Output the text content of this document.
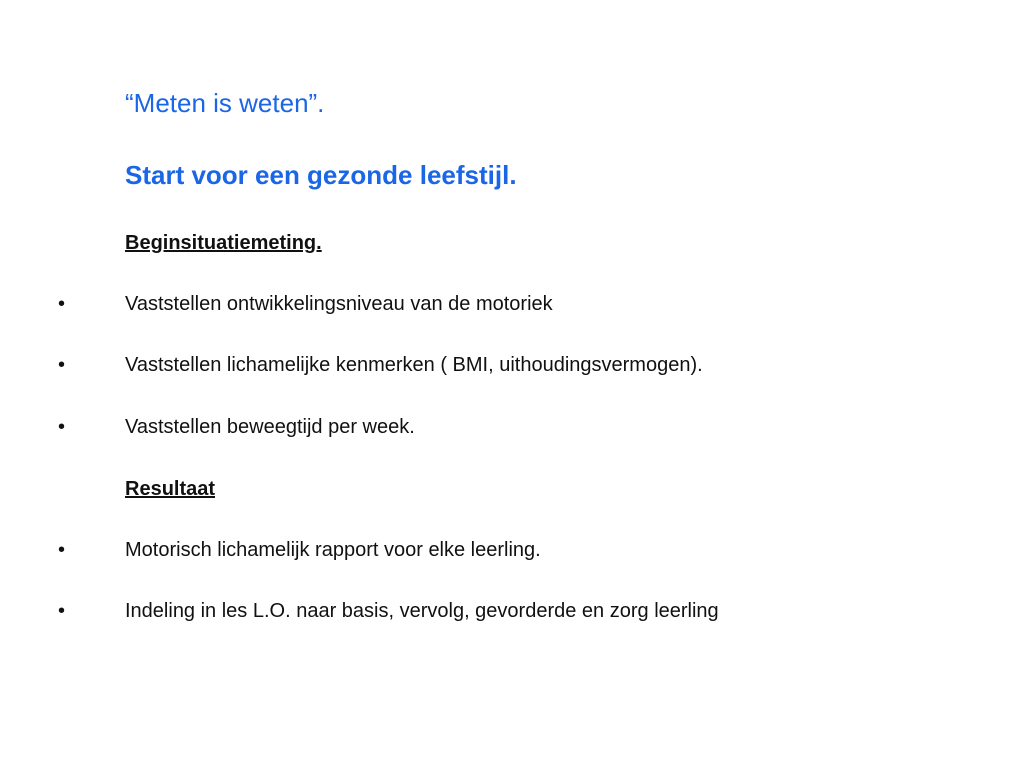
“Meten is weten”.
Start voor een gezonde leefstijl.
Beginsituatiemeting.
•	Vaststellen ontwikkelingsniveau van de motoriek
•	Vaststellen lichamelijke kenmerken ( BMI, uithoudingsvermogen).
•	Vaststellen beweegtijd per week.
Resultaat
•	Motorisch lichamelijk rapport voor elke leerling.
•	Indeling in les L.O. naar basis, vervolg, gevorderde en zorg leerling
